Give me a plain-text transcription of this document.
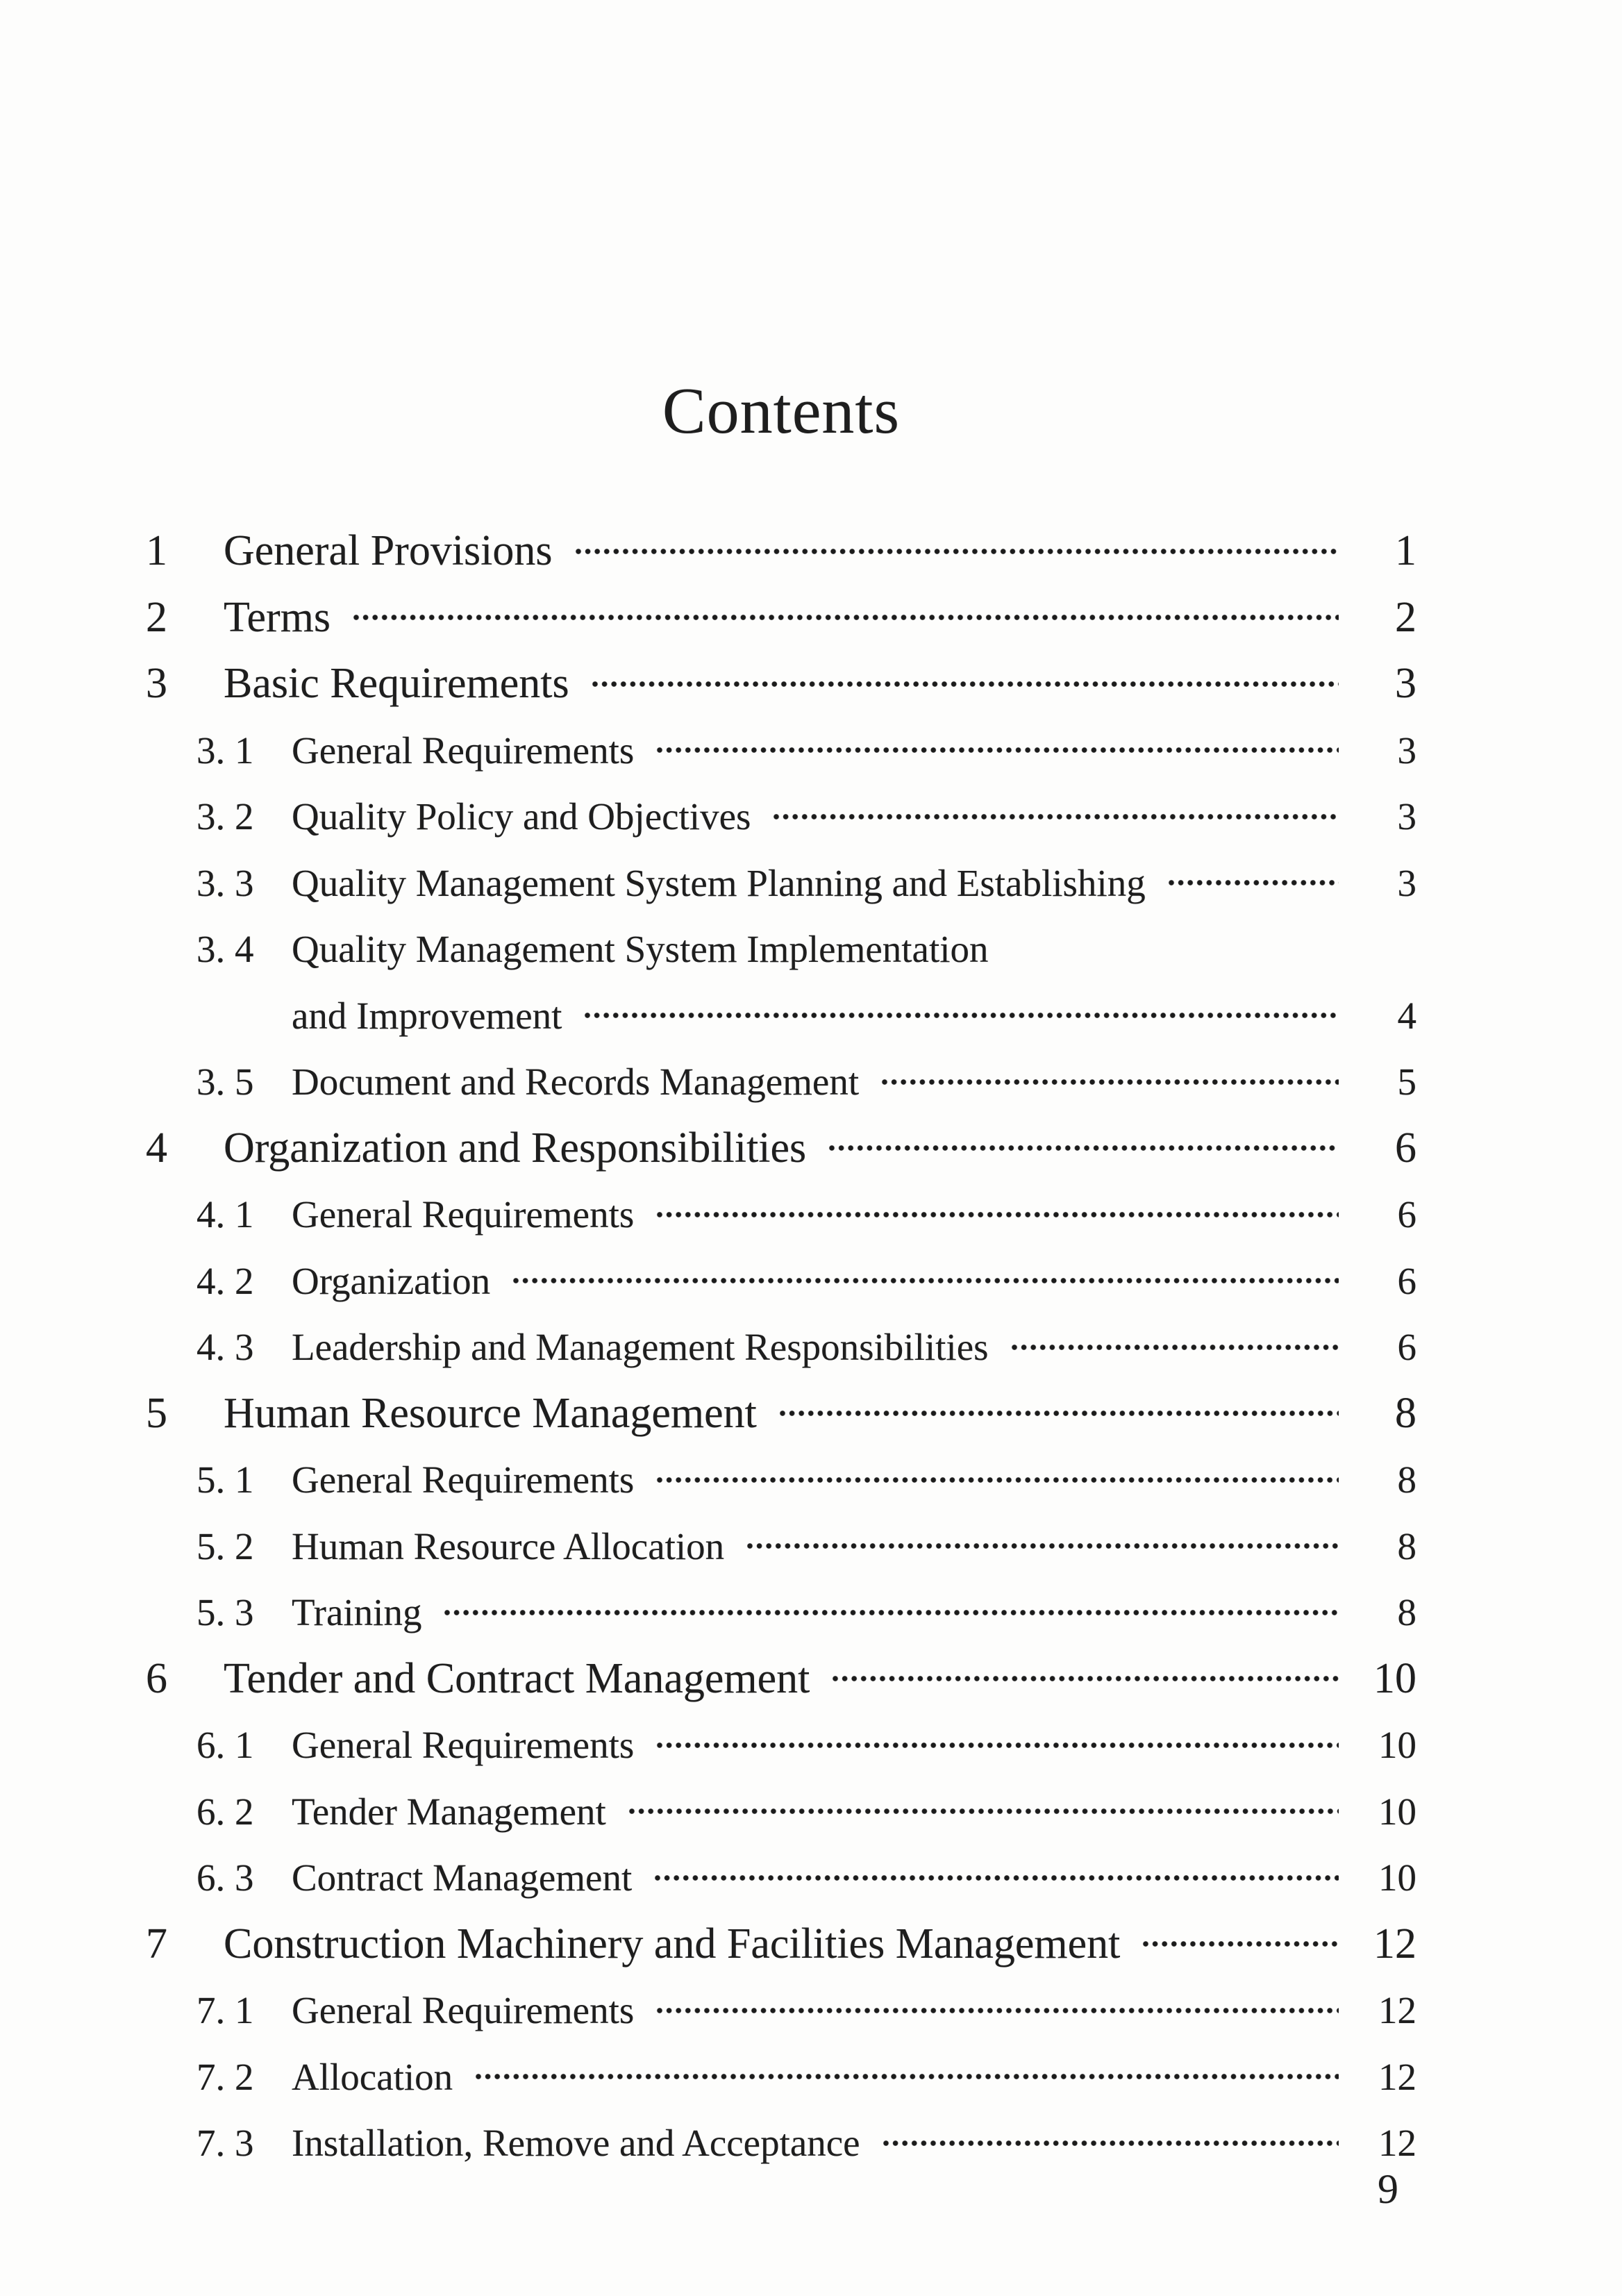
Contents
1	General Provisions	1
2	Terms	2
3	Basic Requirements	3
3. 1 General Requirements	3
3. 2 Quality Policy and Objectives	3
3. 3 Quality Management System Planning and Establishing	3
3. 4 Quality Management System Implementation
and Improvement	4
3. 5 Document and Records Management	5
4	Organization and Responsibilities	6
4. 1 General Requirements	6
4. 2 Organization	6
4. 3 Leadership and Management Responsibilities	6
5	Human Resource Management	8
5. 1 General Requirements	8
5. 2 Human Resource Allocation	8
5. 3 Training	8
6	Tender and Contract Management	10
6. 1 General Requirements	10
6. 2 Tender Management	10
6. 3 Contract Management	10
7	Construction Machinery and Facilities Management	12
7. 1 General Requirements	12
7. 2 Allocation	12
7. 3 Installation, Remove and Acceptance	12
9
